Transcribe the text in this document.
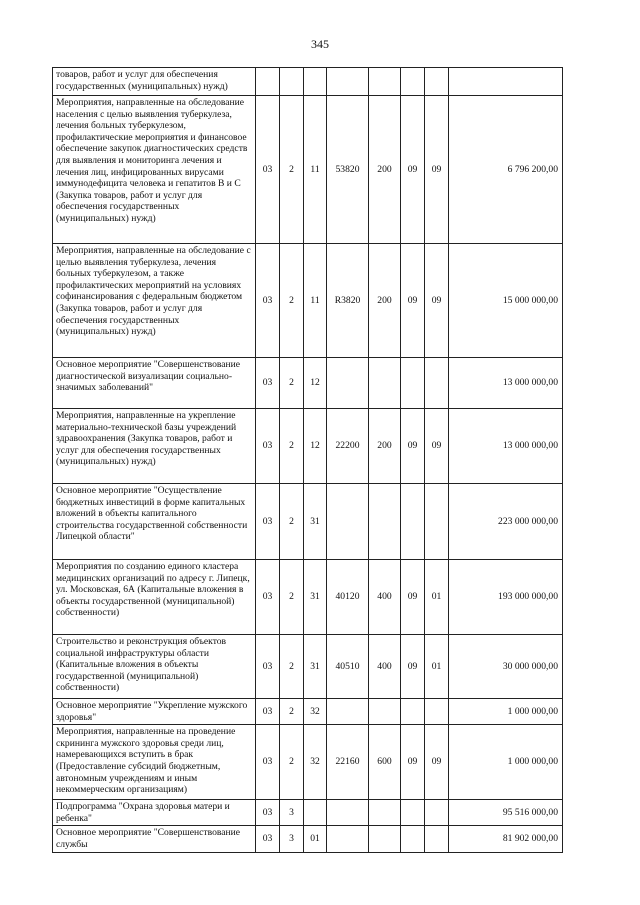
345
товаров, работ и услуг для обеспечения государственных (муниципальных) нужд)								
Мероприятия, направленные на обследование населения с целью выявления туберкулеза, лечения больных туберкулезом, профилактические мероприятия и финансовое обеспечение закупок диагностических средств для выявления и мониторинга лечения и лечения лиц, инфицированных вирусами иммунодефицита человека и гепатитов В и С (Закупка товаров, работ и услуг для обеспечения государственных (муниципальных) нужд)	03	2	11	53820	200	09	09	6 796 200,00
Мероприятия, направленные на обследование с целью выявления туберкулеза, лечения больных туберкулезом, а также профилактических мероприятий на условиях софинансирования с федеральным бюджетом (Закупка товаров, работ и услуг для обеспечения государственных (муниципальных) нужд)	03	2	11	R3820	200	09	09	15 000 000,00
Основное мероприятие "Совершенствование диагностической визуализации социально-значимых заболеваний"	03	2	12					13 000 000,00
Мероприятия, направленные на укрепление материально-технической базы учреждений здравоохранения (Закупка товаров, работ и услуг для обеспечения государственных (муниципальных) нужд)	03	2	12	22200	200	09	09	13 000 000,00
Основное мероприятие "Осуществление бюджетных инвестиций в форме капитальных вложений в объекты капитального строительства государственной собственности Липецкой области"	03	2	31					223 000 000,00
Мероприятия по созданию единого кластера медицинских организаций по адресу г. Липецк, ул. Московская, 6А (Капитальные вложения в объекты государственной (муниципальной) собственности)	03	2	31	40120	400	09	01	193 000 000,00
Строительство и реконструкция объектов социальной инфраструктуры области (Капитальные вложения в объекты государственной (муниципальной) собственности)	03	2	31	40510	400	09	01	30 000 000,00
Основное мероприятие "Укрепление мужского здоровья"	03	2	32					1 000 000,00
Мероприятия, направленные на проведение скрининга мужского здоровья среди лиц, намеревающихся вступить в брак (Предоставление субсидий бюджетным, автономным учреждениям и иным некоммерческим организациям)	03	2	32	22160	600	09	09	1 000 000,00
Подпрограмма "Охрана здоровья матери и ребенка"	03	3						95 516 000,00
Основное мероприятие "Совершенствование службы	03	3	01					81 902 000,00
